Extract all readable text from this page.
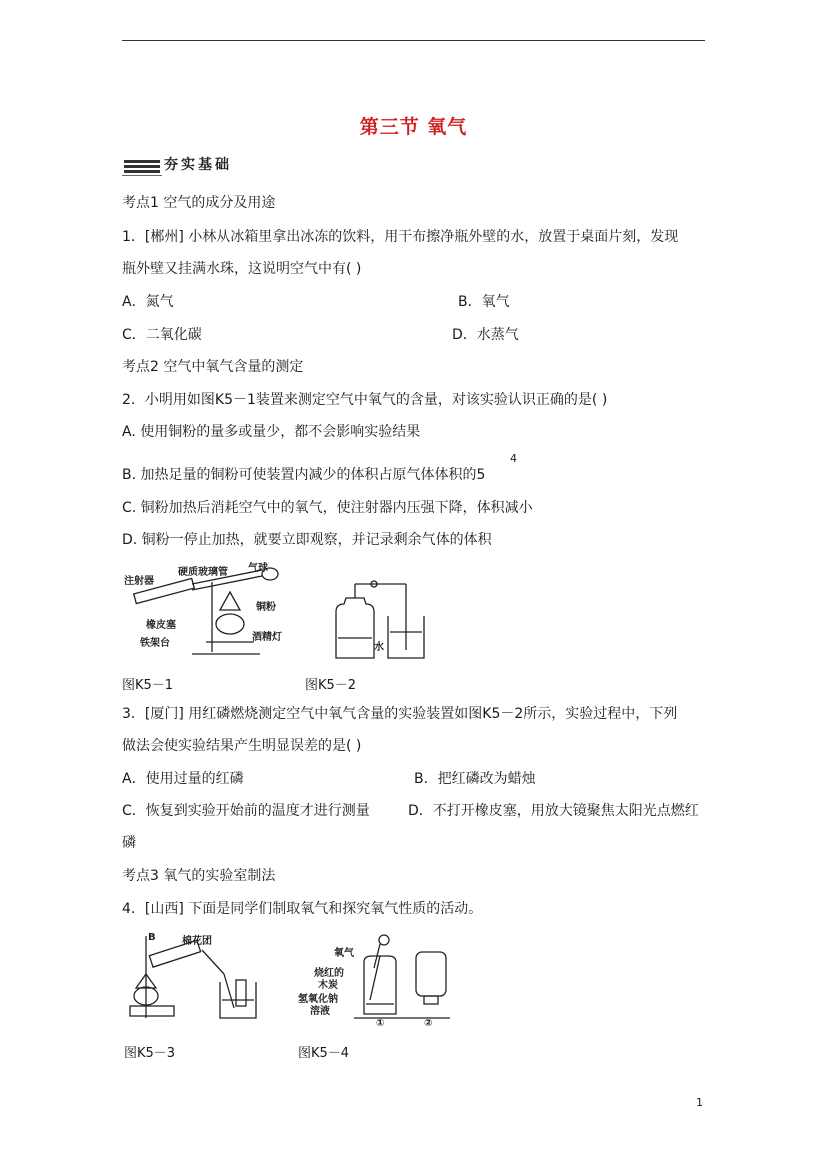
第三节 氧气
夯实基础
考点1 空气的成分及用途
1．[郴州] 小林从冰箱里拿出冰冻的饮料，用干布擦净瓶外壁的水，放置于桌面片刻，发现
瓶外壁又挂满水珠，这说明空气中有( )
A．氮气	B．氧气
C．二氧化碳	D．水蒸气
考点2 空气中氧气含量的测定
2．小明用如图K5－1装置来测定空气中氧气的含量，对该实验认识正确的是( )
A. 使用铜粉的量多或量少，都不会影响实验结果
4
B. 加热足量的铜粉可使装置内减少的体积占原气体体积的5
C. 铜粉加热后消耗空气中的氧气，使注射器内压强下降，体积减小
D. 铜粉一停止加热，就要立即观察，并记录剩余气体的体积
注射器
硬质玻璃管 气球
铜粉
橡皮塞
酒精灯
铁架台	水
图K5－1	图K5－2
3．[厦门] 用红磷燃烧测定空气中氧气含量的实验装置如图K5－2所示，实验过程中，下列
做法会使实验结果产生明显误差的是( )
A．使用过量的红磷	B．把红磷改为蜡烛
C．恢复到实验开始前的温度才进行测量	D．不打开橡皮塞，用放大镜聚焦太阳光点燃红
磷
考点3 氧气的实验室制法
4．[山西] 下面是同学们制取氧气和探究氧气性质的活动。
B	棉花团
氧气
烧红的
木炭
氢氧化钠
溶液
①	②
图K5－3	图K5－4
1
